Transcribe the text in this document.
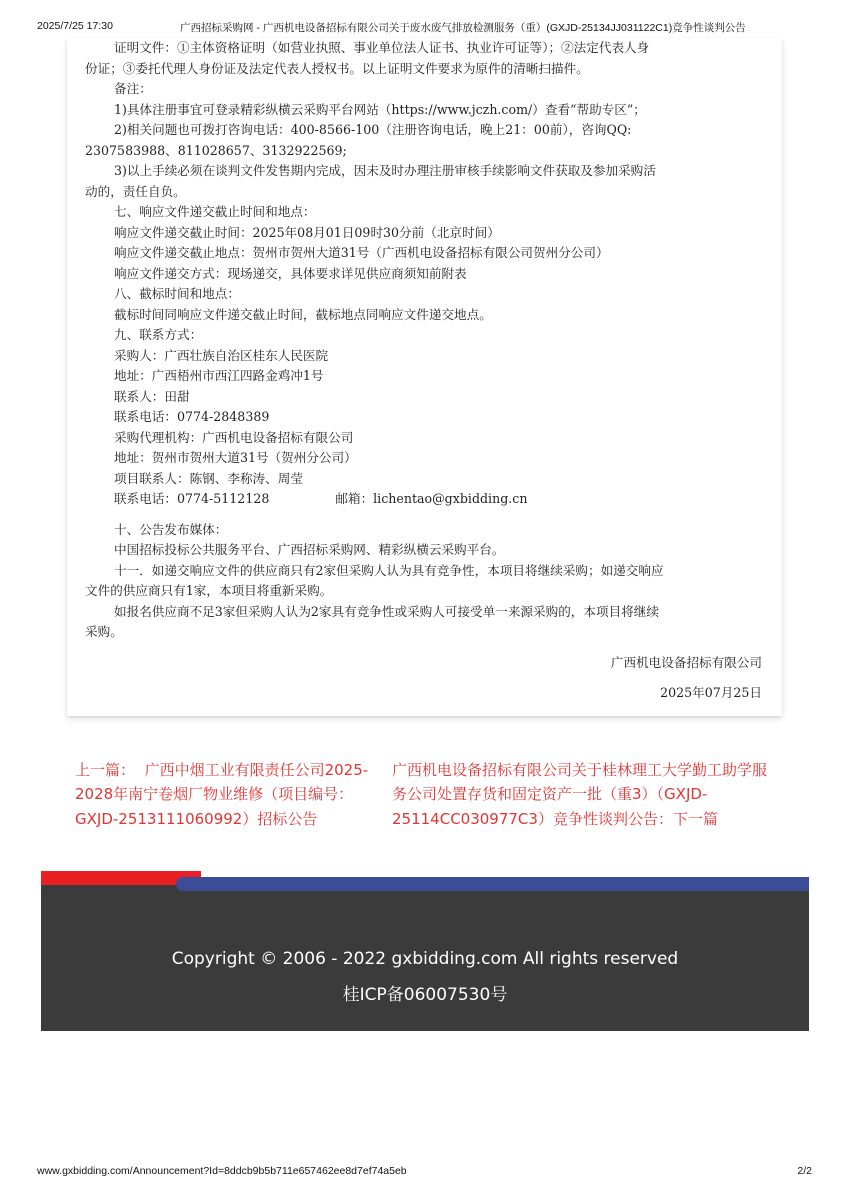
2025/7/25 17:30	广西招标采购网 - 广西机电设备招标有限公司关于废水废气排放检测服务（重）(GXJD-25134JJ031122C1)竞争性谈判公告

证明文件：①主体资格证明（如营业执照、事业单位法人证书、执业许可证等）；②法定代表人身

份证；③委托代理人身份证及法定代表人授权书。以上证明文件要求为原件的清晰扫描件。

备注：

1)具体注册事宜可登录精彩纵横云采购平台网站（https://www.jczh.com/）查看“帮助专区”；

2)相关问题也可拨打咨询电话：400-8566-100（注册咨询电话，晚上21：00前），咨询QQ:

2307583988、811028657、3132922569;

3)以上手续必须在谈判文件发售期内完成，因未及时办理注册审核手续影响文件获取及参加采购活

动的，责任自负。

七、响应文件递交截止时间和地点：

响应文件递交截止时间：2025年08月01日09时30分前（北京时间）

响应文件递交截止地点：贺州市贺州大道31号（广西机电设备招标有限公司贺州分公司）

响应文件递交方式：现场递交，具体要求详见供应商须知前附表

八、截标时间和地点：

截标时间同响应文件递交截止时间，截标地点同响应文件递交地点。

九、联系方式：

采购人：广西壮族自治区桂东人民医院

地址：广西梧州市西江四路金鸡冲1号

联系人：田甜

联系电话：0774-2848389

采购代理机构：广西机电设备招标有限公司

地址：贺州市贺州大道31号（贺州分公司）

项目联系人：陈钢、李称涛、周莹

联系电话：0774-5112128	邮箱：lichentao@gxbidding.cn

十、公告发布媒体：

中国招标投标公共服务平台、广西招标采购网、精彩纵横云采购平台。

十一．如递交响应文件的供应商只有2家但采购人认为具有竞争性，本项目将继续采购；如递交响应

文件的供应商只有1家，本项目将重新采购。

如报名供应商不足3家但采购人认为2家具有竞争性或采购人可接受单一来源采购的，本项目将继续

采购。

广西机电设备招标有限公司

2025年07月25日

上一篇： 广西中烟工业有限责任公司2025-2028年南宁卷烟厂物业维修（项目编号：GXJD-2513111060992）招标公告
广西机电设备招标有限公司关于桂林理工大学勤工助学服务公司处置存货和固定资产一批（重3）（GXJD-25114CC030977C3）竞争性谈判公告：下一篇
Copyright © 2006 - 2022 gxbidding.com All rights reserved
桂ICP备06007530号
www.gxbidding.com/Announcement?Id=8ddcb9b5b711e657462ee8d7ef74a5eb	2/2
